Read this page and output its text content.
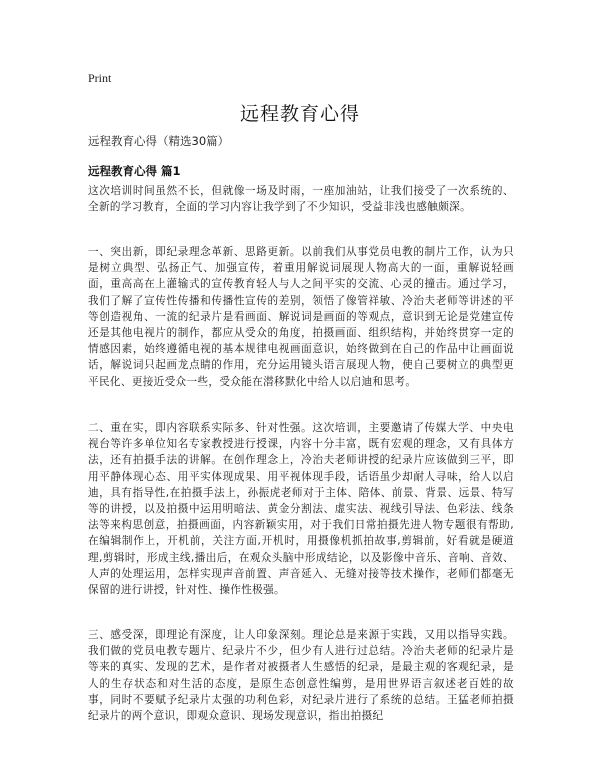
Print
远程教育心得
远程教育心得（精选30篇）
远程教育心得 篇1

这次培训时间虽然不长，但就像一场及时雨，一座加油站，让我们接受了一次系统的、全新的学习教育，全面的学习内容让我学到了不少知识，受益非浅也感触颇深。

一、突出新，即纪录理念革新、思路更新。以前我们从事党员电教的制片工作，认为只是树立典型、弘扬正气、加强宣传，着重用解说词展现人物高大的一面，重解说轻画面，重高高在上灌输式的宣传教育轻人与人之间平实的交流、心灵的撞击。通过学习，我们了解了宣传性传播和传播性宣传的差别，领悟了像管祥敏、冷治夫老师等讲述的平等创造视角、一流的纪录片是看画面、解说词是画面的等观点，意识到无论是党建宣传还是其他电视片的制作，都应从受众的角度，拍摄画面、组织结构，并始终贯穿一定的情感因素，始终遵循电视的基本规律电视画面意识，始终做到在自己的作品中让画面说话，解说词只起画龙点睛的作用，充分运用镜头语言展现人物，使自己要树立的典型更平民化、更接近受众一些，受众能在潜移默化中给人以启迪和思考。

二、重在实，即内容联系实际多、针对性强。这次培训，主要邀请了传媒大学、中央电视台等许多单位知名专家教授进行授课，内容十分丰富，既有宏观的理念，又有具体方法，还有拍摄手法的讲解。在创作理念上，冷治夫老师讲授的纪录片应该做到三平，即用平静体现心态、用平实体现成果、用平视体现手段，话语虽少却耐人寻味，给人以启迪，具有指导性,在拍摄手法上，孙振虎老师对于主体、陪体、前景、背景、远景、特写等的讲授，以及拍摄中运用明暗法、黄金分割法、虚实法、视线引导法、色彩法、线条法等来构思创意，拍摄画面，内容新颖实用，对于我们日常拍摄先进人物专题很有帮助,在编辑制作上，开机前，关注方面,开机时，用摄像机抓拍故事,剪辑前，好看就是硬道理,剪辑时，形成主线,播出后，在观众头脑中形成结论，以及影像中音乐、音响、音效、人声的处理运用，怎样实现声音前置、声音延入、无缝对接等技术操作，老师们都毫无保留的进行讲授，针对性、操作性极强。

三、感受深，即理论有深度，让人印象深刻。理论总是来源于实践，又用以指导实践。我们做的党员电教专题片、纪录片不少，但少有人进行过总结。冷治夫老师的纪录片是等来的真实、发现的艺术，是作者对被摄者人生感悟的纪录，是最主观的客观纪录，是人的生存状态和对生活的态度，是原生态创意性编剪，是用世界语言叙述老百姓的故事，同时不要赋予纪录片太强的功利色彩，对纪录片进行了系统的总结。王猛老师拍摄纪录片的两个意识，即观众意识、现场发现意识，指出拍摄纪
